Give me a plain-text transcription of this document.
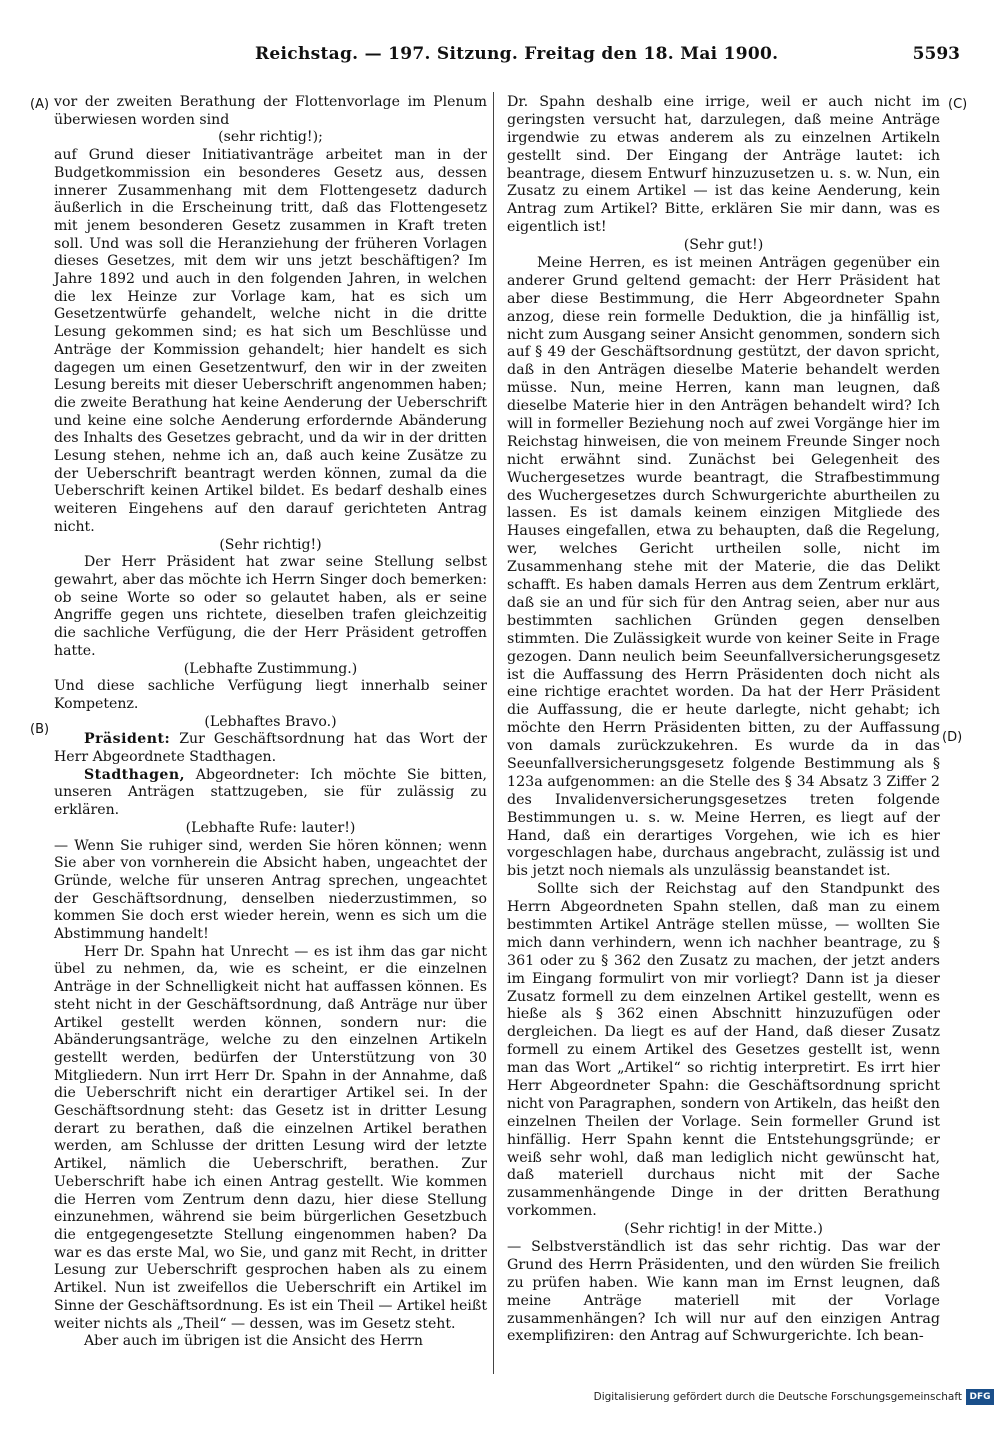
Reichstag. — 197. Sitzung. Freitag den 18. Mai 1900.	5593
(A)
(B)
(C)
(D)

vor der zweiten Berathung der Flottenvorlage im Plenum überwiesen worden sind

(sehr richtig!);

auf Grund dieser Initiativanträge arbeitet man in der Budgetkommission ein besonderes Gesetz aus, dessen innerer Zusammenhang mit dem Flottengesetz dadurch äußerlich in die Erscheinung tritt, daß das Flottengesetz mit jenem besonderen Gesetz zusammen in Kraft treten soll. Und was soll die Heranziehung der früheren Vorlagen dieses Gesetzes, mit dem wir uns jetzt beschäftigen? Im Jahre 1892 und auch in den folgenden Jahren, in welchen die lex Heinze zur Vorlage kam, hat es sich um Gesetzentwürfe gehandelt, welche nicht in die dritte Lesung gekommen sind; es hat sich um Beschlüsse und Anträge der Kommission gehandelt; hier handelt es sich dagegen um einen Gesetzentwurf, den wir in der zweiten Lesung bereits mit dieser Ueberschrift angenommen haben; die zweite Berathung hat keine Aenderung der Ueberschrift und keine eine solche Aenderung erfordernde Abänderung des Inhalts des Gesetzes gebracht, und da wir in der dritten Lesung stehen, nehme ich an, daß auch keine Zusätze zu der Ueberschrift beantragt werden können, zumal da die Ueberschrift keinen Artikel bildet. Es bedarf deshalb eines weiteren Eingehens auf den darauf gerichteten Antrag nicht.

(Sehr richtig!)

Der Herr Präsident hat zwar seine Stellung selbst gewahrt, aber das möchte ich Herrn Singer doch bemerken: ob seine Worte so oder so gelautet haben, als er seine Angriffe gegen uns richtete, dieselben trafen gleichzeitig die sachliche Verfügung, die der Herr Präsident getroffen hatte.

(Lebhafte Zustimmung.)

Und diese sachliche Verfügung liegt innerhalb seiner Kompetenz.

(Lebhaftes Bravo.)

Präsident: Zur Geschäftsordnung hat das Wort der Herr Abgeordnete Stadthagen.

Stadthagen, Abgeordneter: Ich möchte Sie bitten, unseren Anträgen stattzugeben, sie für zulässig zu erklären.

(Lebhafte Rufe: lauter!)

— Wenn Sie ruhiger sind, werden Sie hören können; wenn Sie aber von vornherein die Absicht haben, ungeachtet der Gründe, welche für unseren Antrag sprechen, ungeachtet der Geschäftsordnung, denselben niederzustimmen, so kommen Sie doch erst wieder herein, wenn es sich um die Abstimmung handelt!

Herr Dr. Spahn hat Unrecht — es ist ihm das gar nicht übel zu nehmen, da, wie es scheint, er die einzelnen Anträge in der Schnelligkeit nicht hat auffassen können. Es steht nicht in der Geschäftsordnung, daß Anträge nur über Artikel gestellt werden können, sondern nur: die Abänderungsanträge, welche zu den einzelnen Artikeln gestellt werden, bedürfen der Unterstützung von 30 Mitgliedern. Nun irrt Herr Dr. Spahn in der Annahme, daß die Ueberschrift nicht ein derartiger Artikel sei. In der Geschäftsordnung steht: das Gesetz ist in dritter Lesung derart zu berathen, daß die einzelnen Artikel berathen werden, am Schlusse der dritten Lesung wird der letzte Artikel, nämlich die Ueberschrift, berathen. Zur Ueberschrift habe ich einen Antrag gestellt. Wie kommen die Herren vom Zentrum denn dazu, hier diese Stellung einzunehmen, während sie beim bürgerlichen Gesetzbuch die entgegengesetzte Stellung eingenommen haben? Da war es das erste Mal, wo Sie, und ganz mit Recht, in dritter Lesung zur Ueberschrift gesprochen haben als zu einem Artikel. Nun ist zweifellos die Ueberschrift ein Artikel im Sinne der Geschäftsordnung. Es ist ein Theil — Artikel heißt weiter nichts als „Theil“ — dessen, was im Gesetz steht.

Aber auch im übrigen ist die Ansicht des Herrn

Dr. Spahn deshalb eine irrige, weil er auch nicht im geringsten versucht hat, darzulegen, daß meine Anträge irgendwie zu etwas anderem als zu einzelnen Artikeln gestellt sind. Der Eingang der Anträge lautet: ich beantrage, diesem Entwurf hinzuzusetzen u. s. w. Nun, ein Zusatz zu einem Artikel — ist das keine Aenderung, kein Antrag zum Artikel? Bitte, erklären Sie mir dann, was es eigentlich ist!

(Sehr gut!)

Meine Herren, es ist meinen Anträgen gegenüber ein anderer Grund geltend gemacht: der Herr Präsident hat aber diese Bestimmung, die Herr Abgeordneter Spahn anzog, diese rein formelle Deduktion, die ja hinfällig ist, nicht zum Ausgang seiner Ansicht genommen, sondern sich auf § 49 der Geschäftsordnung gestützt, der davon spricht, daß in den Anträgen dieselbe Materie behandelt werden müsse. Nun, meine Herren, kann man leugnen, daß dieselbe Materie hier in den Anträgen behandelt wird? Ich will in formeller Beziehung noch auf zwei Vorgänge hier im Reichstag hinweisen, die von meinem Freunde Singer noch nicht erwähnt sind. Zunächst bei Gelegenheit des Wuchergesetzes wurde beantragt, die Strafbestimmung des Wuchergesetzes durch Schwurgerichte aburtheilen zu lassen. Es ist damals keinem einzigen Mitgliede des Hauses eingefallen, etwa zu behaupten, daß die Regelung, wer, welches Gericht urtheilen solle, nicht im Zusammenhang stehe mit der Materie, die das Delikt schafft. Es haben damals Herren aus dem Zentrum erklärt, daß sie an und für sich für den Antrag seien, aber nur aus bestimmten sachlichen Gründen gegen denselben stimmten. Die Zulässigkeit wurde von keiner Seite in Frage gezogen. Dann neulich beim Seeunfallversicherungsgesetz ist die Auffassung des Herrn Präsidenten doch nicht als eine richtige erachtet worden. Da hat der Herr Präsident die Auffassung, die er heute darlegte, nicht gehabt; ich möchte den Herrn Präsidenten bitten, zu der Auffassung von damals zurückzukehren. Es wurde da in das Seeunfallversicherungsgesetz folgende Bestimmung als § 123a aufgenommen: an die Stelle des § 34 Absatz 3 Ziffer 2 des Invalidenversicherungsgesetzes treten folgende Bestimmungen u. s. w. Meine Herren, es liegt auf der Hand, daß ein derartiges Vorgehen, wie ich es hier vorgeschlagen habe, durchaus angebracht, zulässig ist und bis jetzt noch niemals als unzulässig beanstandet ist.

Sollte sich der Reichstag auf den Standpunkt des Herrn Abgeordneten Spahn stellen, daß man zu einem bestimmten Artikel Anträge stellen müsse, — wollten Sie mich dann verhindern, wenn ich nachher beantrage, zu § 361 oder zu § 362 den Zusatz zu machen, der jetzt anders im Eingang formulirt von mir vorliegt? Dann ist ja dieser Zusatz formell zu dem einzelnen Artikel gestellt, wenn es hieße als § 362 einen Abschnitt hinzuzufügen oder dergleichen. Da liegt es auf der Hand, daß dieser Zusatz formell zu einem Artikel des Gesetzes gestellt ist, wenn man das Wort „Artikel“ so richtig interpretirt. Es irrt hier Herr Abgeordneter Spahn: die Geschäftsordnung spricht nicht von Paragraphen, sondern von Artikeln, das heißt den einzelnen Theilen der Vorlage. Sein formeller Grund ist hinfällig. Herr Spahn kennt die Entstehungsgründe; er weiß sehr wohl, daß man lediglich nicht gewünscht hat, daß materiell durchaus nicht mit der Sache zusammenhängende Dinge in der dritten Berathung vorkommen.

(Sehr richtig! in der Mitte.)

— Selbstverständlich ist das sehr richtig. Das war der Grund des Herrn Präsidenten, und den würden Sie freilich zu prüfen haben. Wie kann man im Ernst leugnen, daß meine Anträge materiell mit der Vorlage zusammenhängen? Ich will nur auf den einzigen Antrag exemplifiziren: den Antrag auf Schwurgerichte. Ich bean-

Digitalisierung gefördert durch die Deutsche Forschungsgemeinschaft DFG
